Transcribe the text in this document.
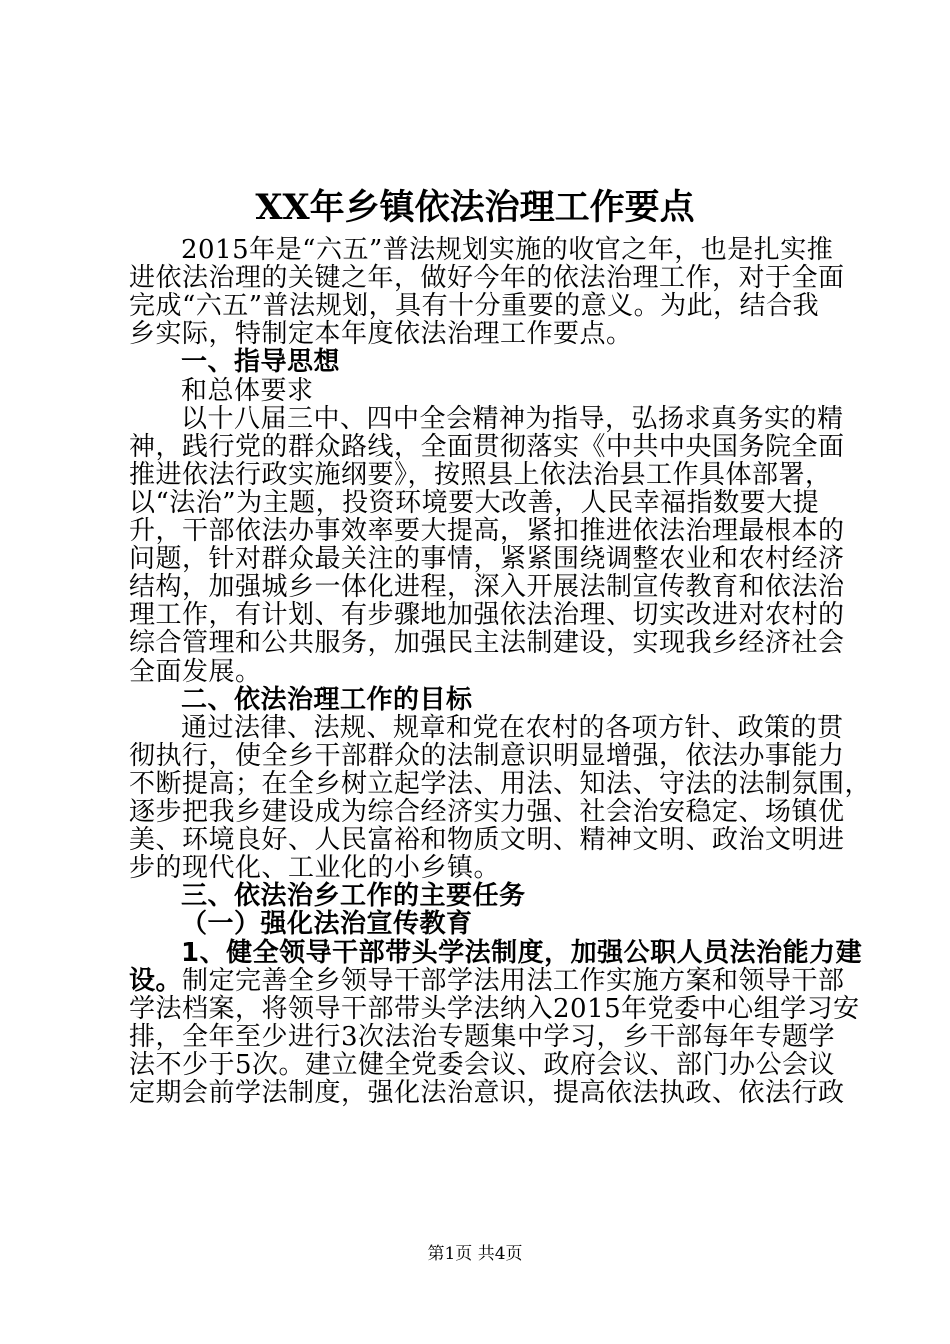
XX年乡镇依法治理工作要点
2015年是“六五”普法规划实施的收官之年，也是扎实推
进依法治理的关键之年，做好今年的依法治理工作，对于全面
完成“六五”普法规划，具有十分重要的意义。为此，结合我
乡实际，特制定本年度依法治理工作要点。
一、指导思想
和总体要求
以十八届三中、四中全会精神为指导，弘扬求真务实的精
神，践行党的群众路线，全面贯彻落实《中共中央国务院全面
推进依法行政实施纲要》，按照县上依法治县工作具体部署，
以“法治”为主题，投资环境要大改善，人民幸福指数要大提
升，干部依法办事效率要大提高，紧扣推进依法治理最根本的
问题，针对群众最关注的事情，紧紧围绕调整农业和农村经济
结构，加强城乡一体化进程，深入开展法制宣传教育和依法治
理工作，有计划、有步骤地加强依法治理、切实改进对农村的
综合管理和公共服务，加强民主法制建设，实现我乡经济社会
全面发展。
二、依法治理工作的目标
通过法律、法规、规章和党在农村的各项方针、政策的贯
彻执行，使全乡干部群众的法制意识明显增强，依法办事能力
不断提高；在全乡树立起学法、用法、知法、守法的法制氛围，
逐步把我乡建设成为综合经济实力强、社会治安稳定、场镇优
美、环境良好、人民富裕和物质文明、精神文明、政治文明进
步的现代化、工业化的小乡镇。
三、依法治乡工作的主要任务
（一）强化法治宣传教育
1、健全领导干部带头学法制度，加强公职人员法治能力建
设。制定完善全乡领导干部学法用法工作实施方案和领导干部
学法档案，将领导干部带头学法纳入2015年党委中心组学习安
排，全年至少进行3次法治专题集中学习，乡干部每年专题学
法不少于5次。建立健全党委会议、政府会议、部门办公会议
定期会前学法制度，强化法治意识，提高依法执政、依法行政
第1页 共4页
